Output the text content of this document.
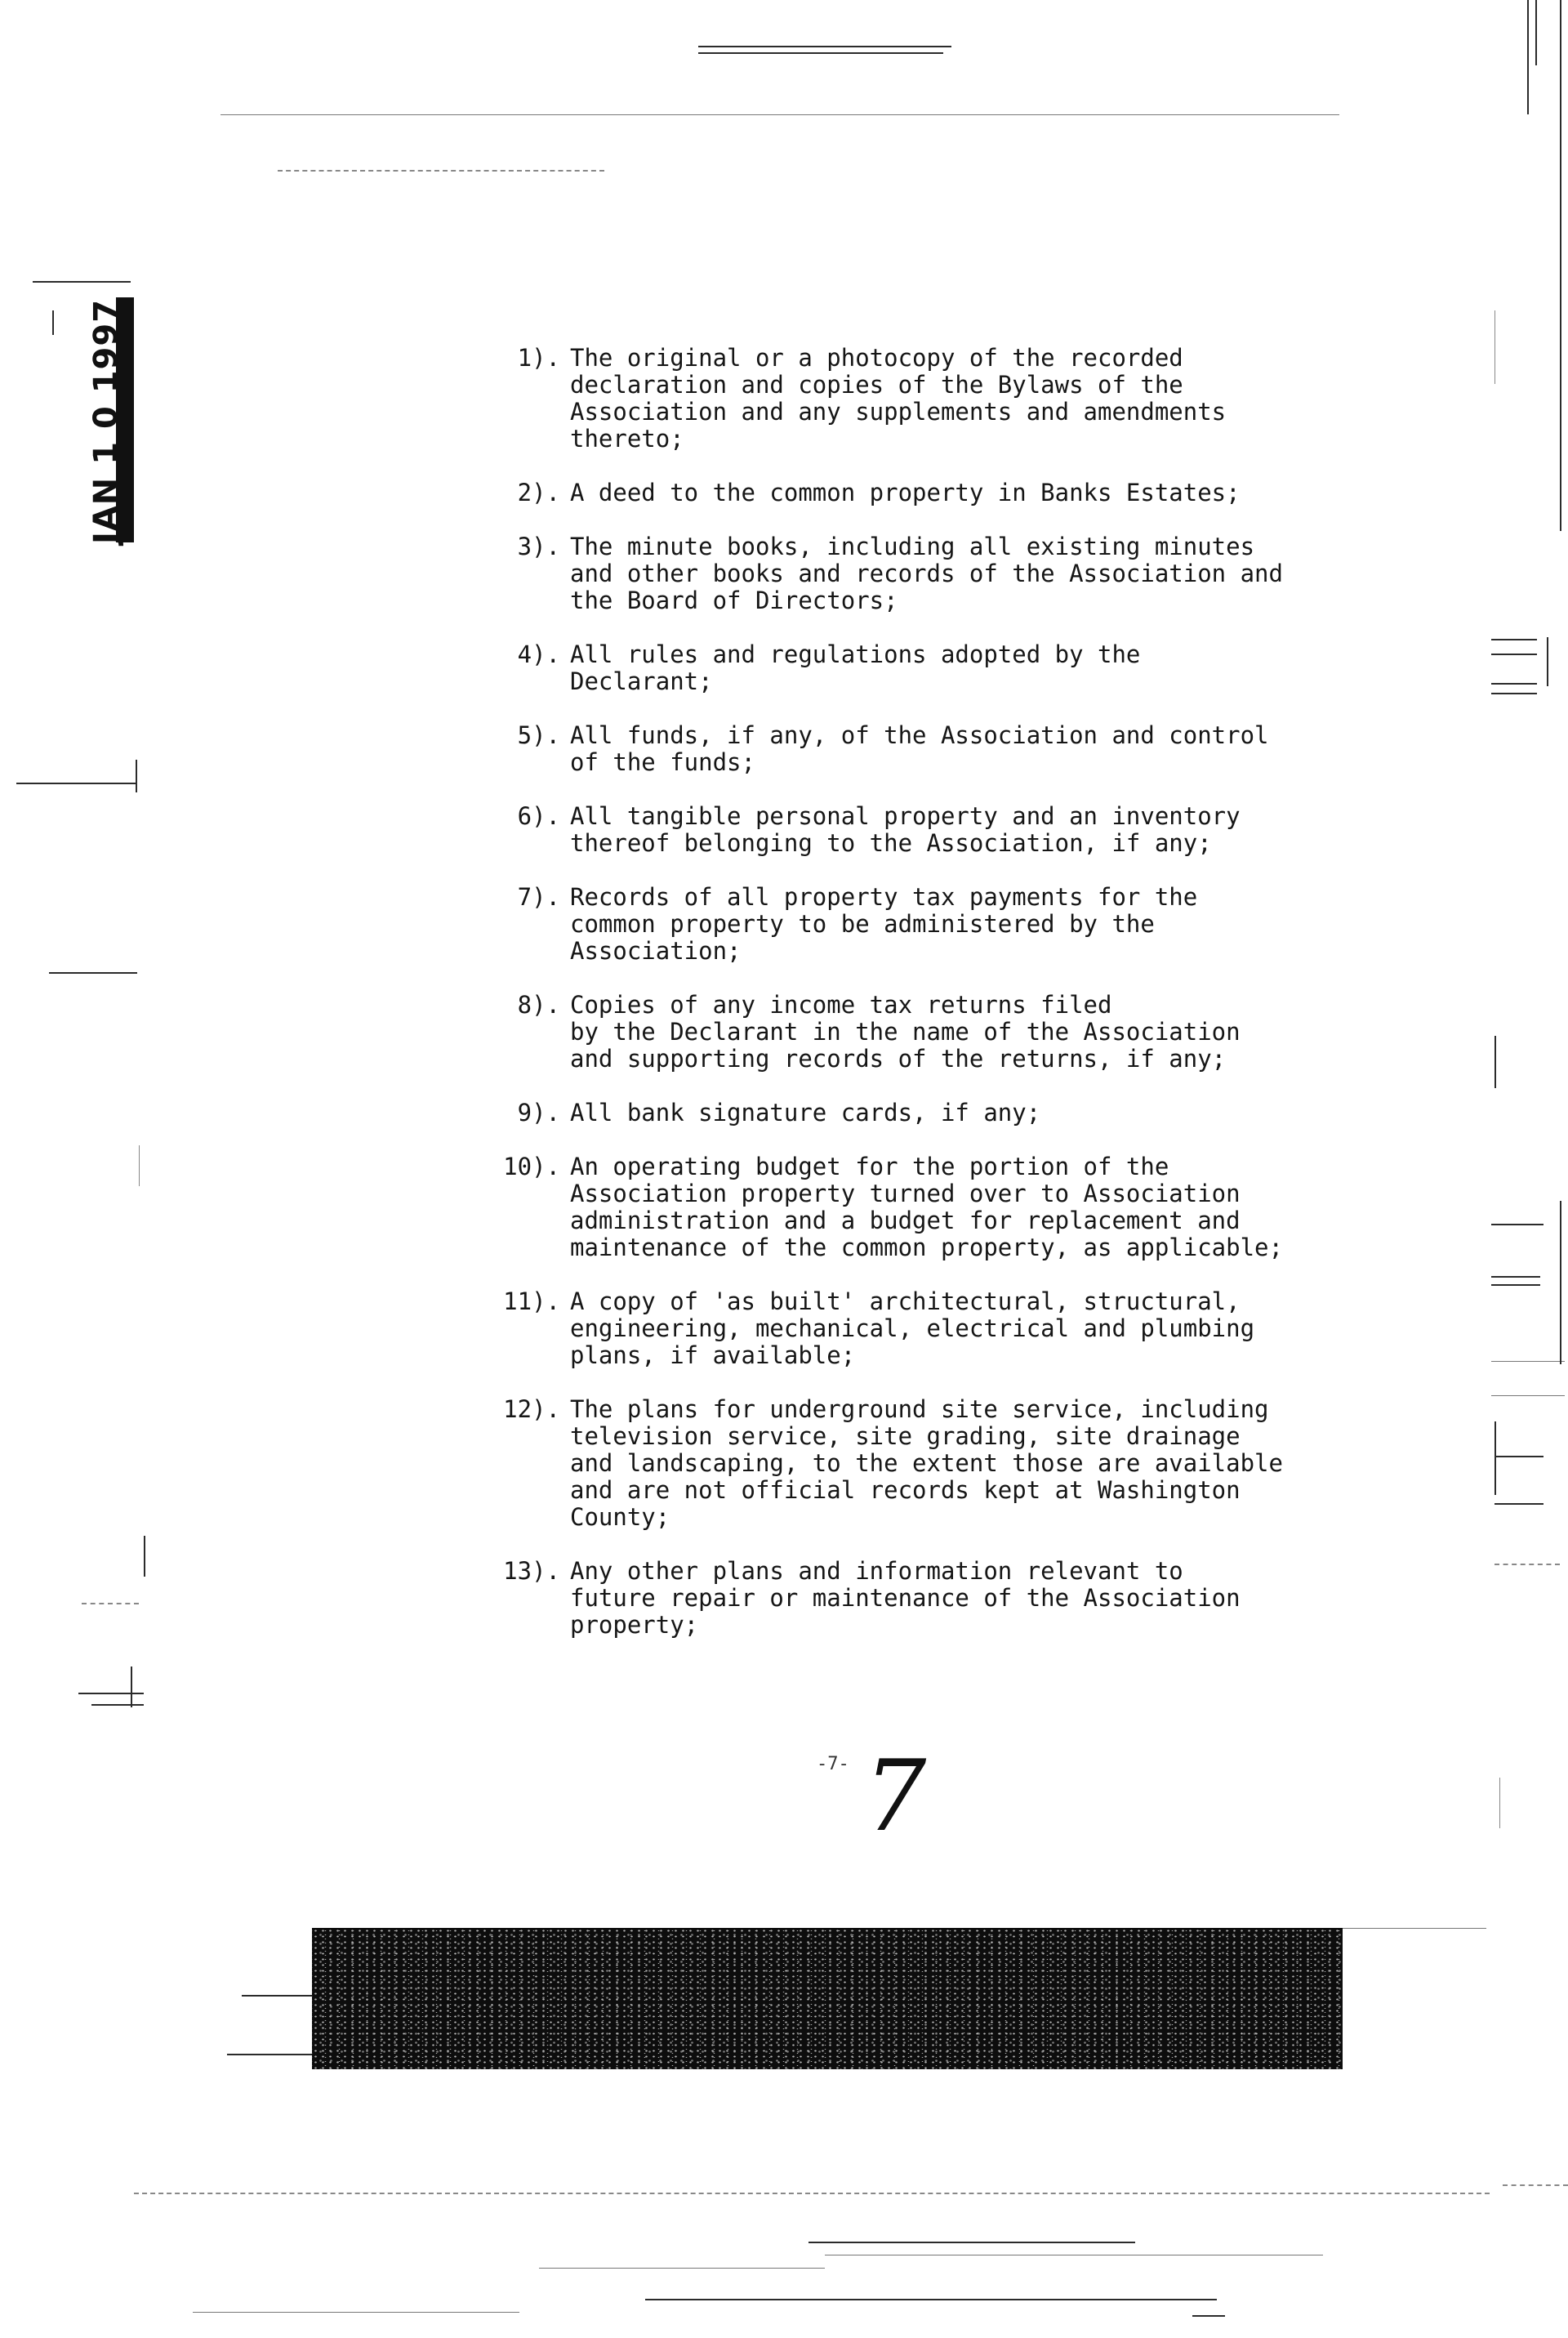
JAN 1 0 1997	1). The original or a photocopy of the recorded
declaration and copies of the Bylaws of the
Association and any supplements and amendments
thereto;
2). A deed to the common property in Banks Estates;
3). The minute books, including all existing minutes
and other books and records of the Association and
the Board of Directors;
4). All rules and regulations adopted by the
Declarant;
5). All funds, if any, of the Association and control
of the funds;
6). All tangible personal property and an inventory
thereof belonging to the Association, if any;
7). Records of all property tax payments for the
common property to be administered by the
Association;
8). Copies of any income tax returns filed
by the Declarant in the name of the Association
and supporting records of the returns, if any;
9). All bank signature cards, if any;
10). An operating budget for the portion of the
Association property turned over to Association
administration and a budget for replacement and
maintenance of the common property, as applicable;
11). A copy of 'as built' architectural, structural,
engineering, mechanical, electrical and plumbing
plans, if available;
12). The plans for underground site service, including
television service, site grading, site drainage
and landscaping, to the extent those are available
and are not official records kept at Washington
County;
13). Any other plans and information relevant to
future repair or maintenance of the Association
property;
-7- 7
